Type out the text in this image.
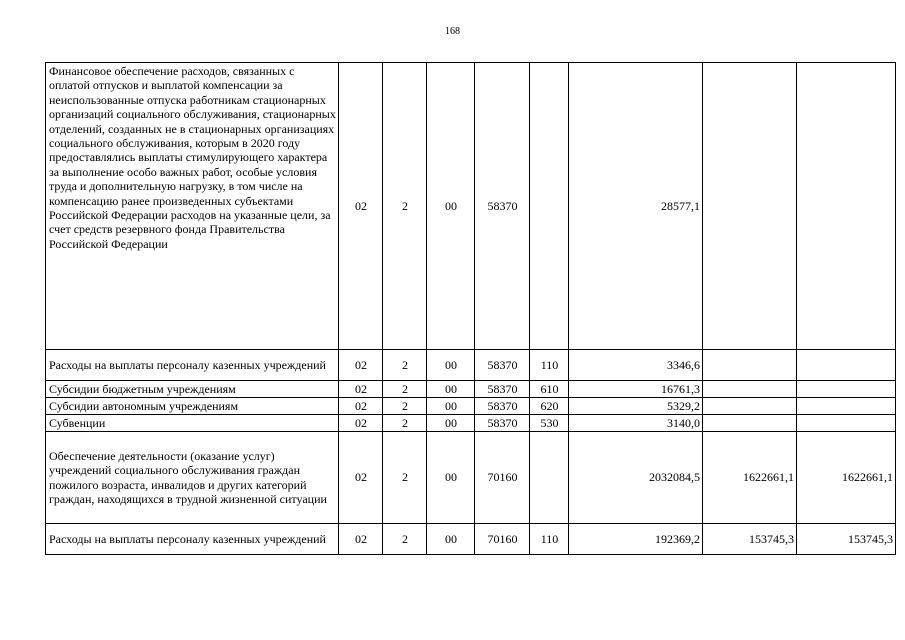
168
Финансовое обеспечение расходов, связанных с оплатой отпусков и выплатой компенсации за неиспользованные отпуска работникам стационарных организаций социального обслуживания, стационарных отделений, созданных не в стационарных организациях социального обслуживания, которым в 2020 году предоставлялись выплаты стимулирующего характера за выполнение особо важных работ, особые условия труда и дополнительную нагрузку, в том числе на компенсацию ранее произведенных субъектами Российской Федерации расходов на указанные цели, за счет средств резервного фонда Правительства Российской Федерации	02	2	00	58370		28577,1		
Расходы на выплаты персоналу казенных учреждений	02	2	00	58370	110	3346,6		
Субсидии бюджетным учреждениям	02	2	00	58370	610	16761,3		
Субсидии автономным учреждениям	02	2	00	58370	620	5329,2		
Субвенции	02	2	00	58370	530	3140,0		
Обеспечение деятельности (оказание услуг) учреждений социального обслуживания граждан пожилого возраста, инвалидов и других категорий граждан, находящихся в трудной жизненной ситуации	02	2	00	70160		2032084,5	1622661,1	1622661,1
Расходы на выплаты персоналу казенных учреждений	02	2	00	70160	110	192369,2	153745,3	153745,3
